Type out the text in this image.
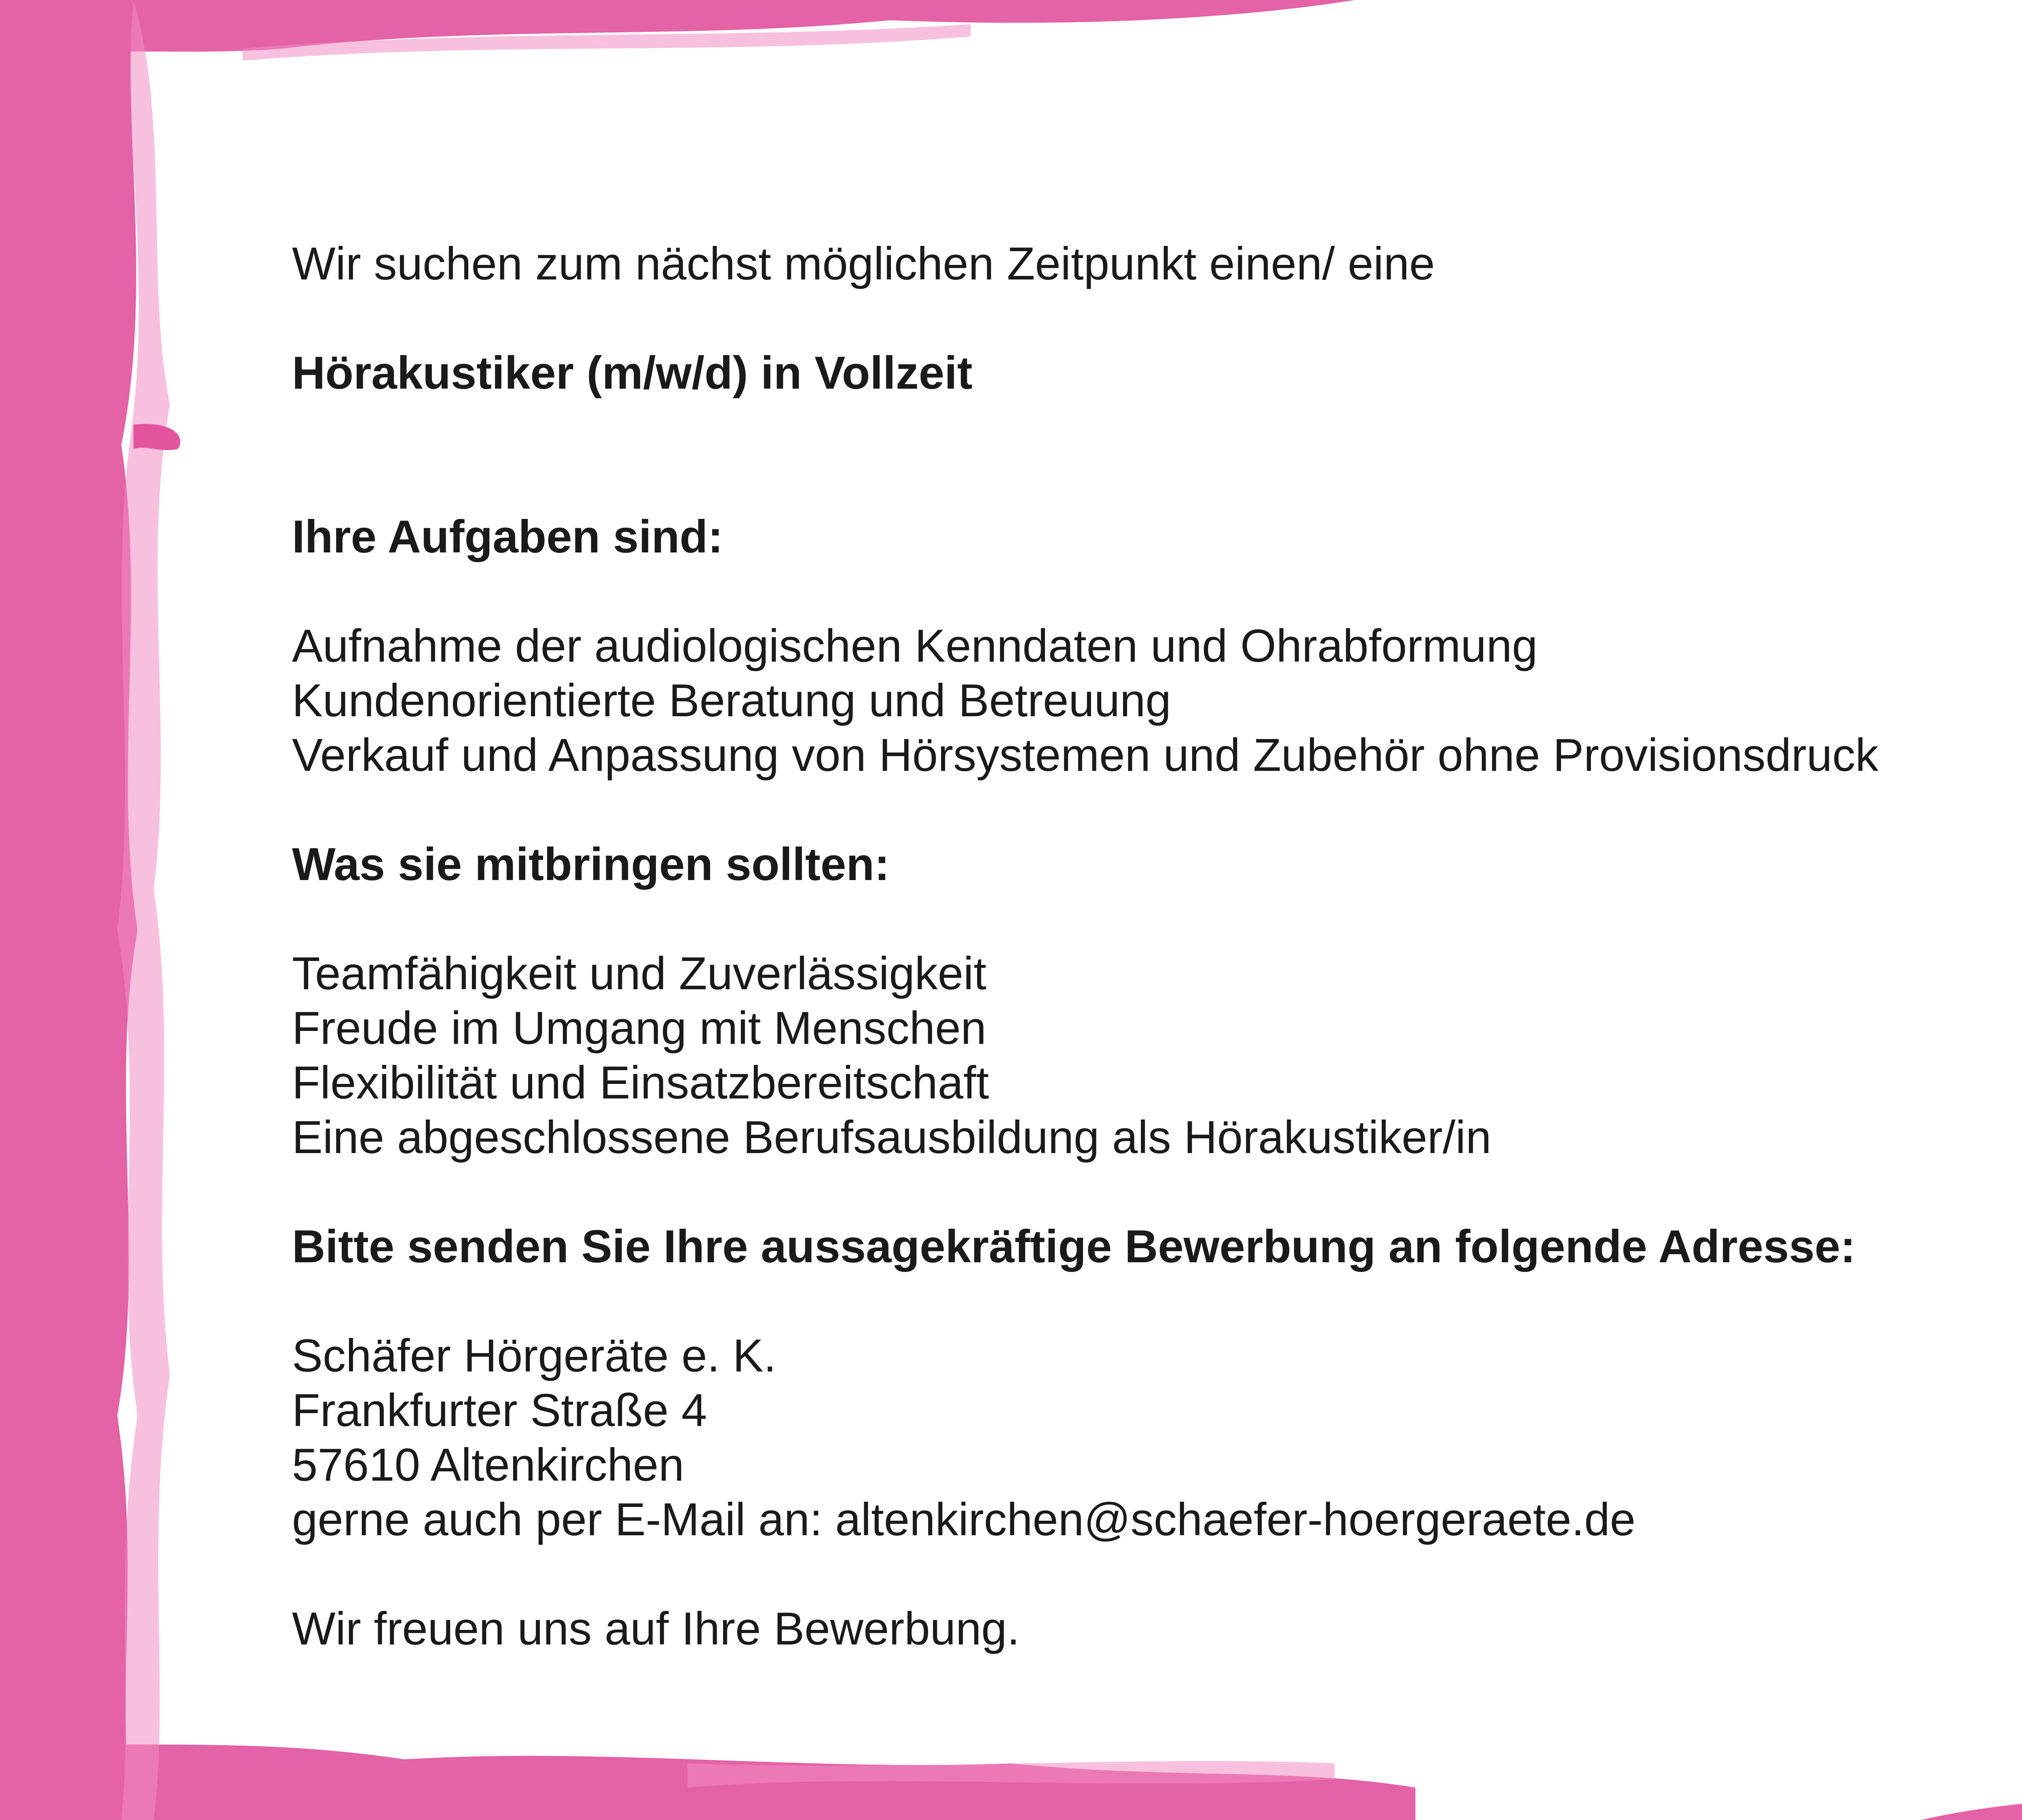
Wir suchen zum nächst möglichen Zeitpunkt einen/ eine
Hörakustiker (m/w/d) in Vollzeit
Ihre Aufgaben sind:
Aufnahme der audiologischen Kenndaten und Ohrabformung
Kundenorientierte Beratung und Betreuung
Verkauf und Anpassung von Hörsystemen und Zubehör ohne Provisionsdruck
Was sie mitbringen sollten:
Teamfähigkeit und Zuverlässigkeit
Freude im Umgang mit Menschen
Flexibilität und Einsatzbereitschaft
Eine abgeschlossene Berufsausbildung als Hörakustiker/in
Bitte senden Sie Ihre aussagekräftige Bewerbung an folgende Adresse:
Schäfer Hörgeräte e. K.
Frankfurter Straße 4
57610 Altenkirchen
gerne auch per E-Mail an: altenkirchen@schaefer-hoergeraete.de
Wir freuen uns auf Ihre Bewerbung.
